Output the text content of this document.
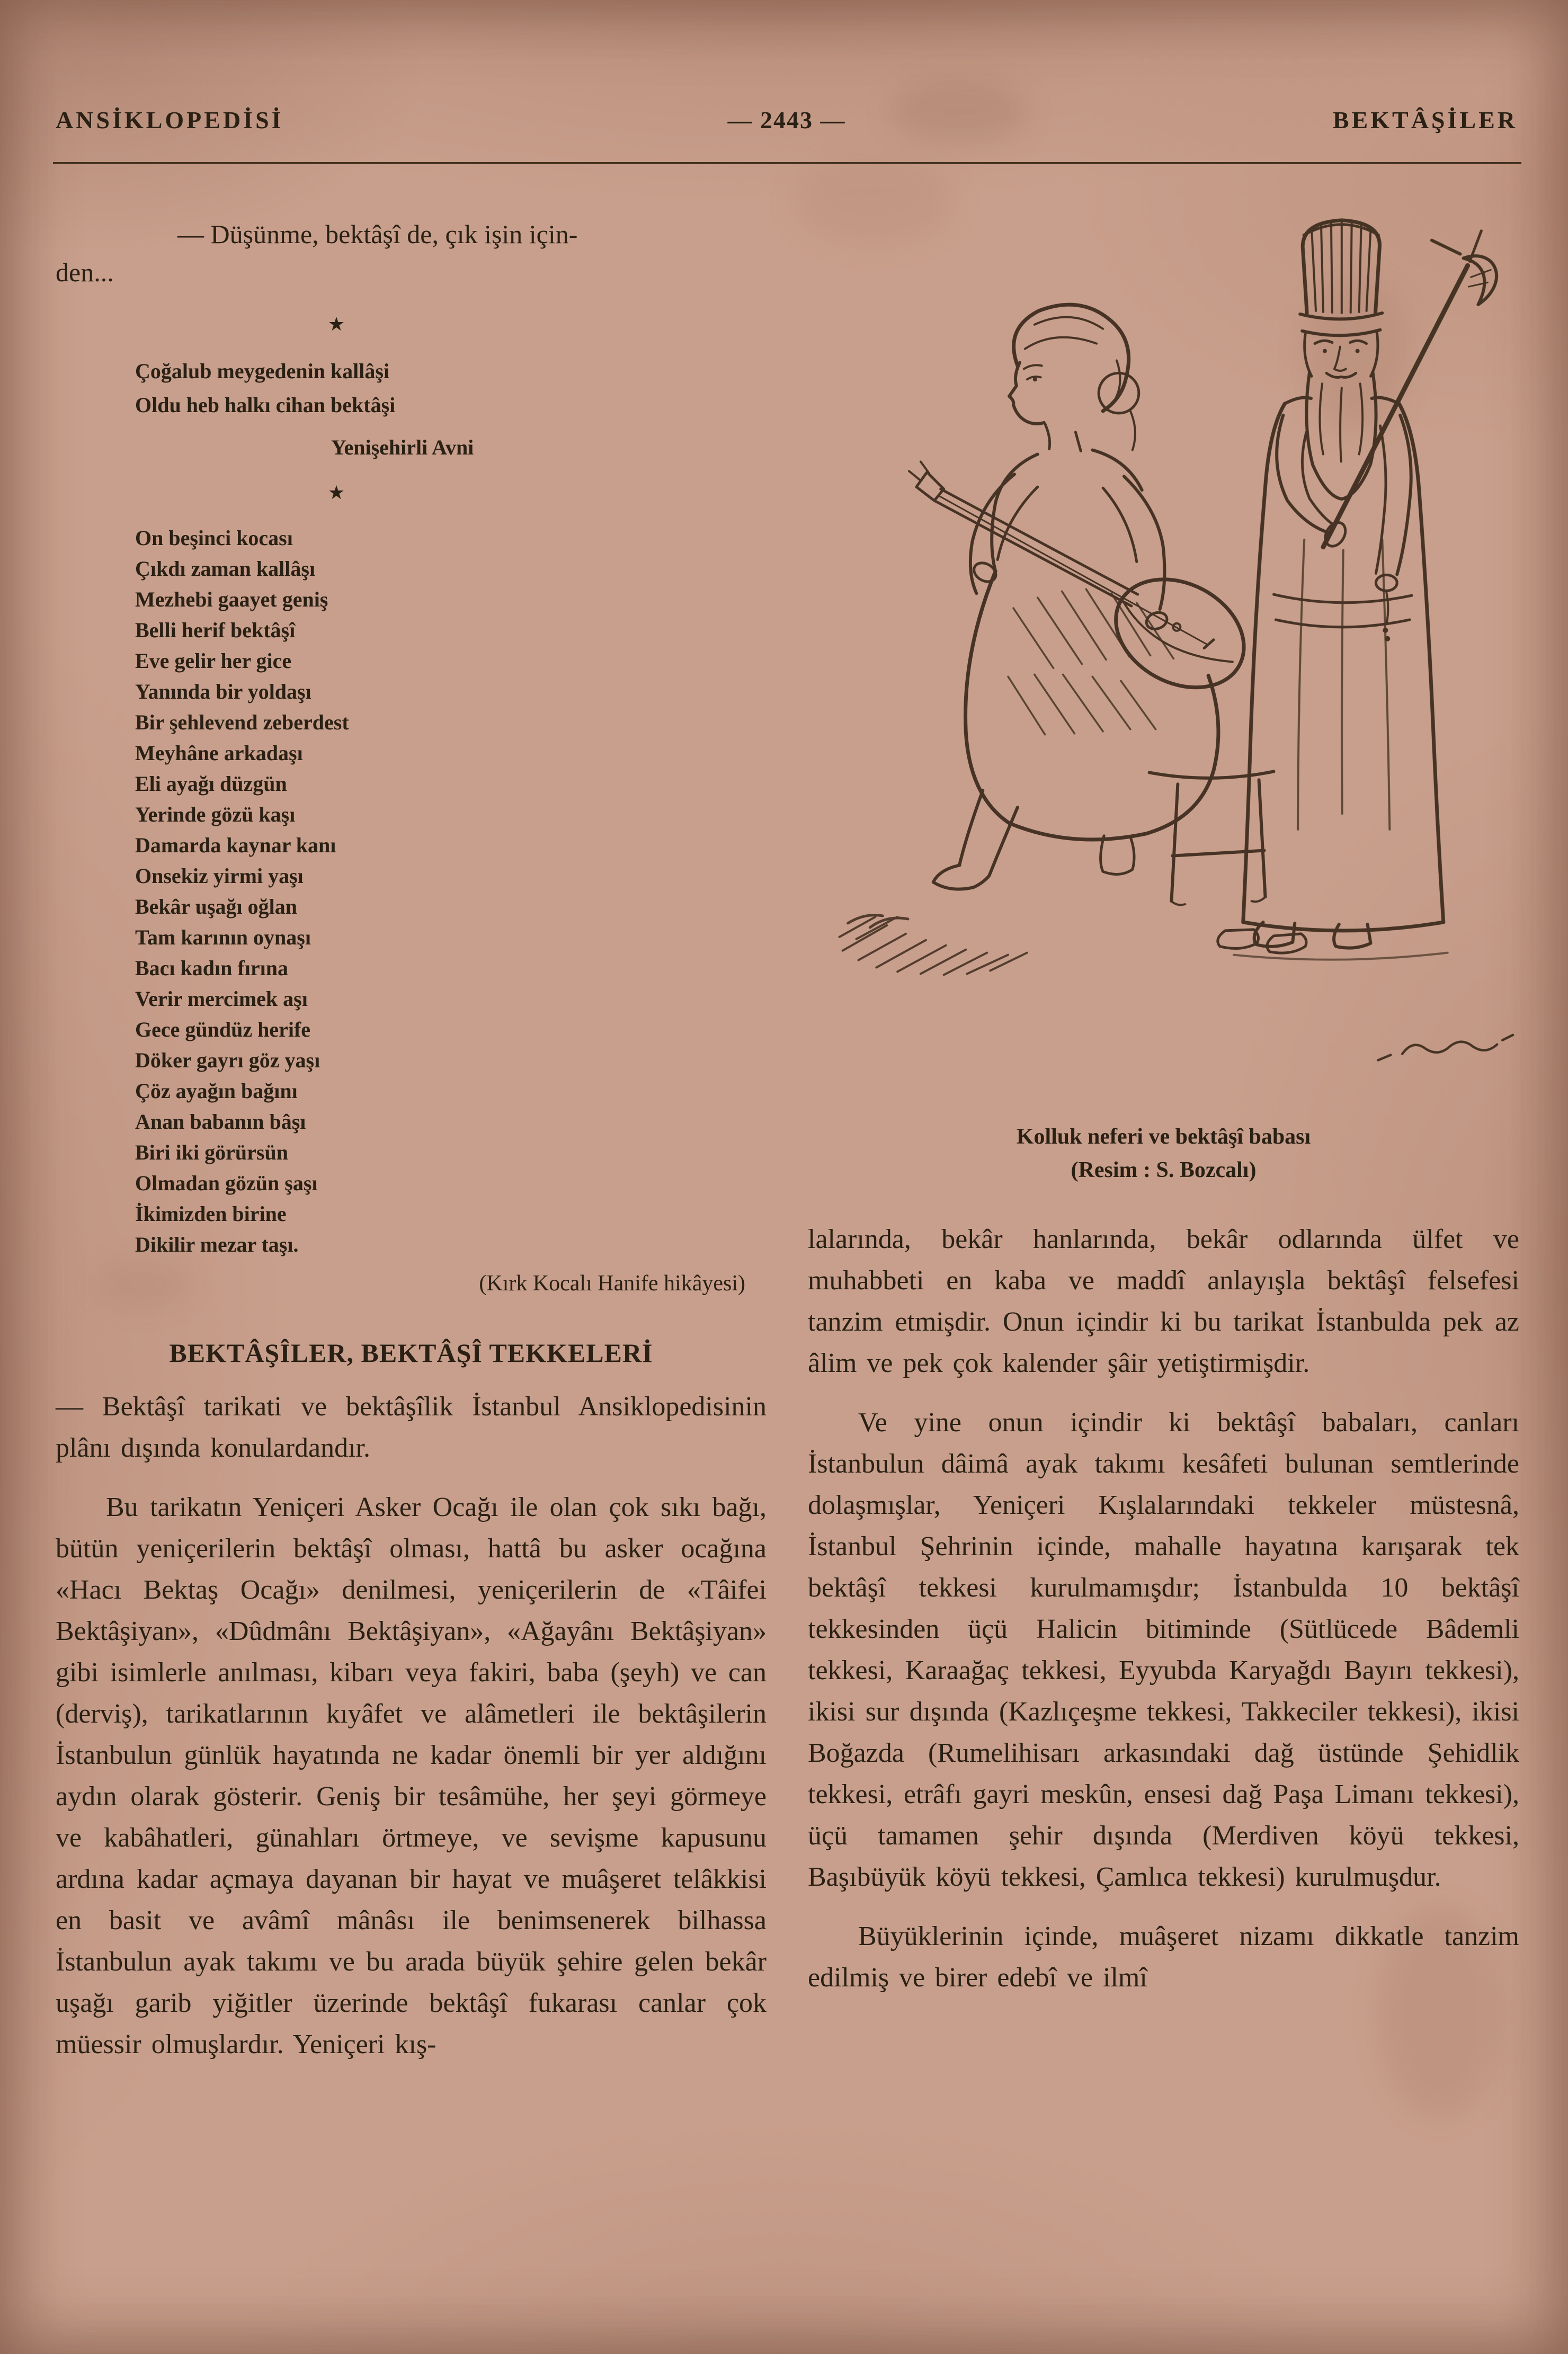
ANSİKLOPEDİSİ	— 2443 —	BEKTÂŞİLER
— Düşünme, bektâşî de, çık işin için-
den...
★
Çoğalub meygedenin kallâşi
Oldu heb halkı cihan bektâşi
Yenişehirli Avni
★
On beşinci kocası
Çıkdı zaman kallâşı
Mezhebi gaayet geniş
Belli herif bektâşî
Eve gelir her gice
Yanında bir yoldaşı
Bir şehlevend zeberdest
Meyhâne arkadaşı
Eli ayağı düzgün
Yerinde gözü kaşı
Damarda kaynar kanı
Onsekiz yirmi yaşı
Bekâr uşağı oğlan
Tam karının oynaşı
Bacı kadın fırına
Verir mercimek aşı
Gece gündüz herife
Döker gayrı göz yaşı
Çöz ayağın bağını
Anan babanın bâşı
Biri iki görürsün
Olmadan gözün şaşı
İkimizden birine
Dikilir mezar taşı.
(Kırk Kocalı Hanife hikâyesi)
BEKTÂŞÎLER, BEKTÂŞÎ TEKKELERİ

— Bektâşî tarikati ve bektâşîlik İstanbul Ansiklopedisinin plânı dışında konulardandır.

Bu tarikatın Yeniçeri Asker Ocağı ile olan çok sıkı bağı, bütün yeniçerilerin bektâşî olması, hattâ bu asker ocağına «Hacı Bektaş Ocağı» denilmesi, yeniçerilerin de «Tâifei Bektâşiyan», «Dûdmânı Bektâşiyan», «Ağayânı Bektâşiyan» gibi isimlerle anılması, kibarı veya fakiri, baba (şeyh) ve can (derviş), tarikatlarının kıyâfet ve alâmetleri ile bektâşilerin İstanbulun günlük hayatında ne kadar önemli bir yer aldığını aydın olarak gösterir. Geniş bir tesâmühe, her şeyi görmeye ve kabâhatleri, günahları örtmeye, ve sevişme kapusunu ardına kadar açmaya dayanan bir hayat ve muâşeret telâkkisi en basit ve avâmî mânâsı ile benimsenerek bilhassa İstanbulun ayak takımı ve bu arada büyük şehire gelen bekâr uşağı garib yiğitler üzerinde bektâşî fukarası canlar çok müessir olmuşlardır. Yeniçeri kış-

Kolluk neferi ve bektâşî babası
(Resim : S. Bozcalı)

lalarında, bekâr hanlarında, bekâr odlarında ülfet ve muhabbeti en kaba ve maddî anlayışla bektâşî felsefesi tanzim etmişdir. Onun içindir ki bu tarikat İstanbulda pek az âlim ve pek çok kalender şâir yetiştirmişdir.

Ve yine onun içindir ki bektâşî babaları, canları İstanbulun dâimâ ayak takımı kesâfeti bulunan semtlerinde dolaşmışlar, Yeniçeri Kışlalarındaki tekkeler müstesnâ, İstanbul Şehrinin içinde, mahalle hayatına karışarak tek bektâşî tekkesi kurulmamışdır; İstanbulda 10 bektâşî tekkesinden üçü Halicin bitiminde (Sütlücede Bâdemli tekkesi, Karaağaç tekkesi, Eyyubda Karyağdı Bayırı tekkesi), ikisi sur dışında (Kazlıçeşme tekkesi, Takkeciler tekkesi), ikisi Boğazda (Rumelihisarı arkasındaki dağ üstünde Şehidlik tekkesi, etrâfı gayri meskûn, ensesi dağ Paşa Limanı tekkesi), üçü tamamen şehir dışında (Merdiven köyü tekkesi, Başıbüyük köyü tekkesi, Çamlıca tekkesi) kurulmuşdur.

Büyüklerinin içinde, muâşeret nizamı dikkatle tanzim edilmiş ve birer edebî ve ilmî
